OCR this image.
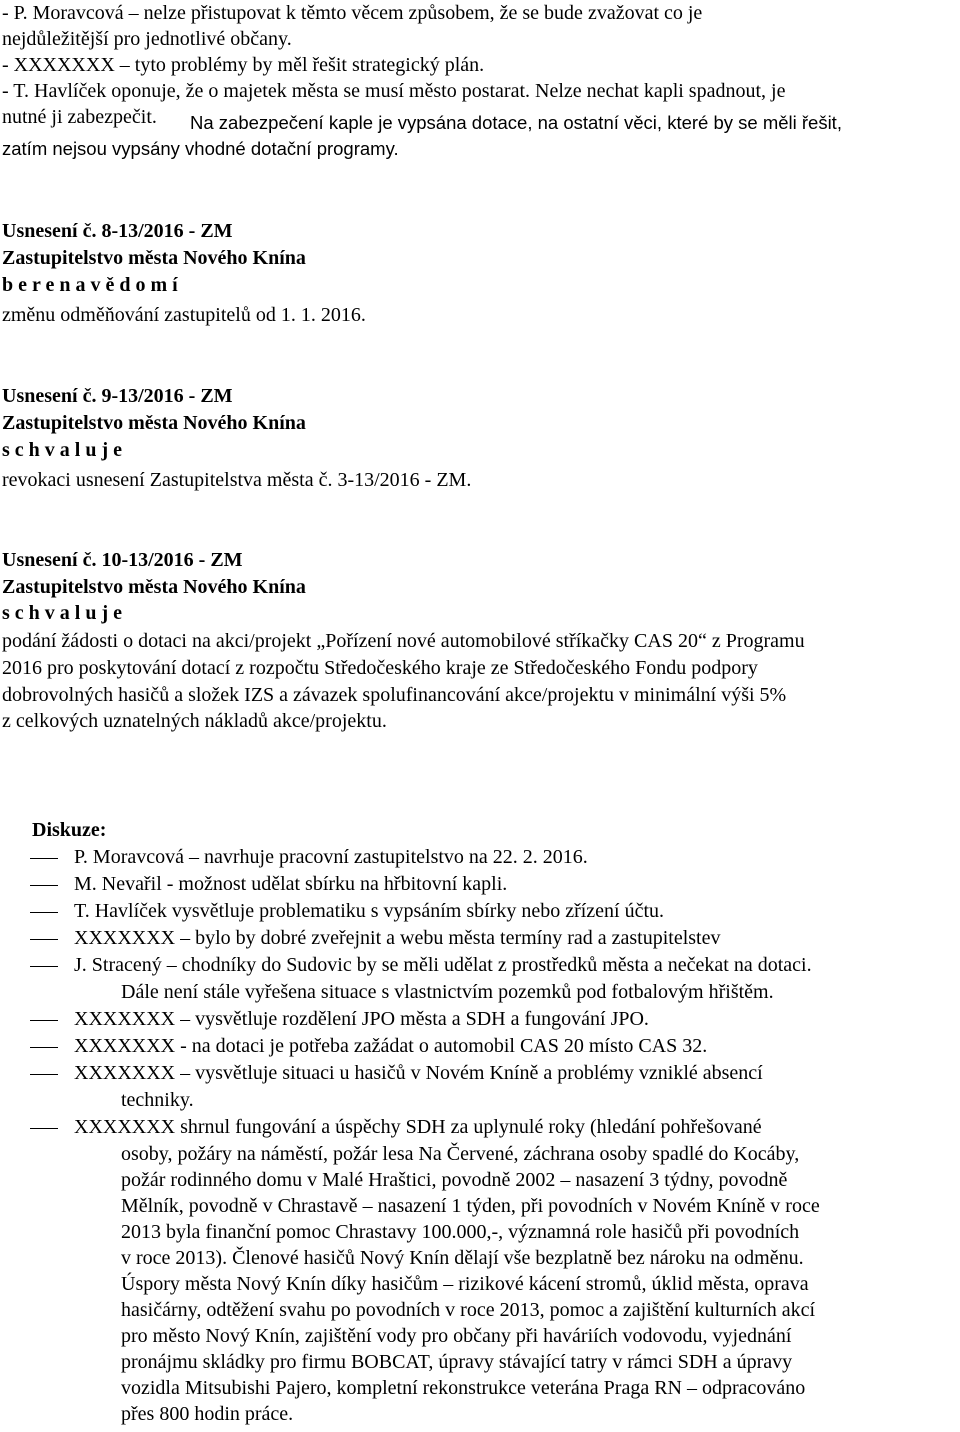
- P. Moravcová – nelze přistupovat k těmto věcem způsobem, že se bude zvažovat co je
nejdůležitější pro jednotlivé občany.
- XXXXXXX – tyto problémy by měl řešit strategický plán.
- T. Havlíček oponuje, že o majetek města se musí město postarat. Nelze nechat kapli spadnout, je
nutné ji zabezpečit. Na zabezpečení kaple je vypsána dotace, na ostatní věci, které by se měli řešit,
zatím nejsou vypsány vhodné dotační programy.
Usnesení č. 8-13/2016 - ZM
Zastupitelstvo města Nového Knína
b e r e n a v ě d o m í
změnu odměňování zastupitelů od 1. 1. 2016.
Usnesení č. 9-13/2016 - ZM
Zastupitelstvo města Nového Knína
s c h v a l u j e
revokaci usnesení Zastupitelstva města č. 3-13/2016 - ZM.
Usnesení č. 10-13/2016 - ZM
Zastupitelstvo města Nového Knína
s c h v a l u j e
podání žádosti o dotaci na akci/projekt „Pořízení nové automobilové stříkačky CAS 20“ z Programu
2016 pro poskytování dotací z rozpočtu Středočeského kraje ze Středočeského Fondu podpory
dobrovolných hasičů a složek IZS a závazek spolufinancování akce/projektu v minimální výši 5%
z celkových uznatelných nákladů akce/projektu.
Diskuze:
P. Moravcová – navrhuje pracovní zastupitelstvo na 22. 2. 2016.
M. Nevařil - možnost udělat sbírku na hřbitovní kapli.
T. Havlíček vysvětluje problematiku s vypsáním sbírky nebo zřízení účtu.
XXXXXXX – bylo by dobré zveřejnit a webu města termíny rad a zastupitelstev
J. Stracený – chodníky do Sudovic by se měli udělat z prostředků města a nečekat na dotaci.
Dále není stále vyřešena situace s vlastnictvím pozemků pod fotbalovým hřištěm.
XXXXXXX – vysvětluje rozdělení JPO města a SDH a fungování JPO.
XXXXXXX - na dotaci je potřeba zažádat o automobil CAS 20 místo CAS 32.
XXXXXXX – vysvětluje situaci u hasičů v Novém Kníně a problémy vzniklé absencí
techniky.
XXXXXXX shrnul fungování a úspěchy SDH za uplynulé roky (hledání pohřešované
osoby, požáry na náměstí, požár lesa Na Červené, záchrana osoby spadlé do Kocáby,
požár rodinného domu v Malé Hraštici, povodně 2002 – nasazení 3 týdny, povodně
Mělník, povodně v Chrastavě – nasazení 1 týden, při povodních v Novém Kníně v roce
2013 byla finanční pomoc Chrastavy 100.000,-, významná role hasičů při povodních
v roce 2013). Členové hasičů Nový Knín dělají vše bezplatně bez nároku na odměnu.
Úspory města Nový Knín díky hasičům – rizikové kácení stromů, úklid města, oprava
hasičárny, odtěžení svahu po povodních v roce 2013, pomoc a zajištění kulturních akcí
pro město Nový Knín, zajištění vody pro občany při haváriích vodovodu, vyjednání
pronájmu skládky pro firmu BOBCAT, úpravy stávající tatry v rámci SDH a úpravy
vozidla Mitsubishi Pajero, kompletní rekonstrukce veterána Praga RN – odpracováno
přes 800 hodin práce.
